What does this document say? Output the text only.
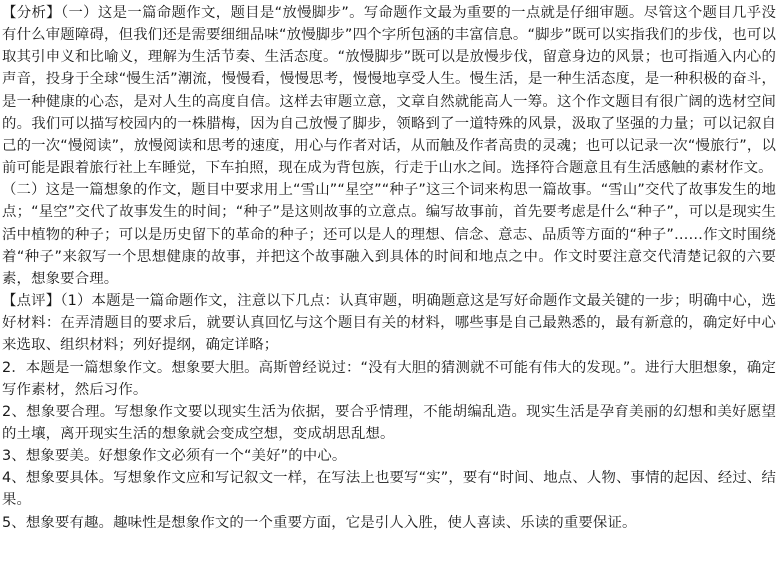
【分析】（一）这是一篇命题作文，题目是“放慢脚步”。写命题作文最为重要的一点就是仔细审题。尽管这个题目几乎没有什么审题障碍，但我们还是需要细细品味“放慢脚步”四个字所包涵的丰富信息。“脚步”既可以实指我们的步伐，也可以取其引申义和比喻义，理解为生活节奏、生活态度。“放慢脚步”既可以是放慢步伐，留意身边的风景；也可指遁入内心的声音，投身于全球“慢生活”潮流，慢慢看，慢慢思考，慢慢地享受人生。慢生活，是一种生活态度，是一种积极的奋斗，是一种健康的心态，是对人生的高度自信。这样去审题立意，文章自然就能高人一筹。这个作文题目有很广阔的选材空间的。我们可以描写校园内的一株腊梅，因为自己放慢了脚步，领略到了一道特殊的风景，汲取了坚强的力量；可以记叙自己的一次“慢阅读”，放慢阅读和思考的速度，用心与作者对话，从而触及作者高贵的灵魂；也可以记录一次“慢旅行”，以前可能是跟着旅行社上车睡觉，下车拍照，现在成为背包族，行走于山水之间。选择符合题意且有生活感触的素材作文。

（二）这是一篇想象的作文，题目中要求用上“雪山”“星空”“种子”这三个词来构思一篇故事。“雪山”交代了故事发生的地点；“星空”交代了故事发生的时间；“种子”是这则故事的立意点。编写故事前，首先要考虑是什么“种子”，可以是现实生活中植物的种子；可以是历史留下的革命的种子；还可以是人的理想、信念、意志、品质等方面的“种子”……作文时围绕着“种子”来叙写一个思想健康的故事，并把这个故事融入到具体的时间和地点之中。作文时要注意交代清楚记叙的六要素，想象要合理。

【点评】（1）本题是一篇命题作文，注意以下几点：认真审题，明确题意这是写好命题作文最关键的一步；明确中心，选好材料：在弄清题目的要求后，就要认真回忆与这个题目有关的材料，哪些事是自己最熟悉的，最有新意的，确定好中心来选取、组织材料；列好提纲，确定详略；

2．本题是一篇想象作文。想象要大胆。高斯曾经说过：“没有大胆的猜测就不可能有伟大的发现。”。进行大胆想象，确定写作素材，然后习作。

2、想象要合理。写想象作文要以现实生活为依据，要合乎情理，不能胡编乱造。现实生活是孕育美丽的幻想和美好愿望的土壤，离开现实生活的想象就会变成空想，变成胡思乱想。

3、想象要美。好想象作文必须有一个“美好”的中心。

4、想象要具体。写想象作文应和写记叙文一样，在写法上也要写“实”，要有“时间、地点、人物、事情的起因、经过、结果。

5、想象要有趣。趣味性是想象作文的一个重要方面，它是引人入胜，使人喜读、乐读的重要保证。
